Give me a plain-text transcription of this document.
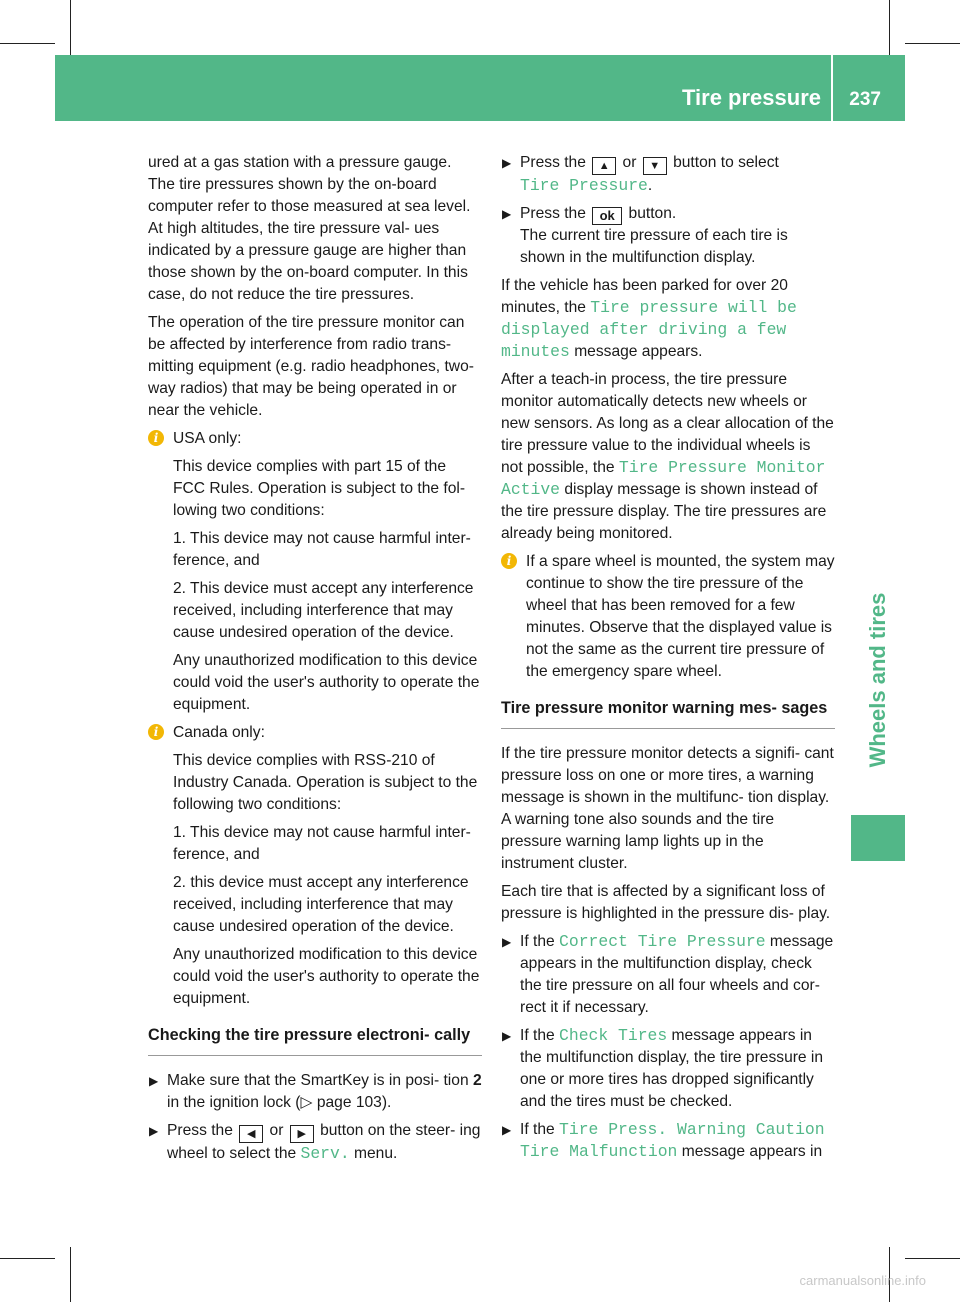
Tire pressure 237
Wheels and tires

ured at a gas station with a pressure gauge. The tire pressures shown by the on-board computer refer to those measured at sea level. At high altitudes, the tire pressure val- ues indicated by a pressure gauge are higher than those shown by the on-board computer. In this case, do not reduce the tire pressures.

The operation of the tire pressure monitor can be affected by interference from radio trans- mitting equipment (e.g. radio headphones, two-way radios) that may be being operated in or near the vehicle.

i USA only:

This device complies with part 15 of the FCC Rules. Operation is subject to the fol- lowing two conditions:

1. This device may not cause harmful inter- ference, and

2. This device must accept any interference received, including interference that may cause undesired operation of the device.

Any unauthorized modification to this device could void the user's authority to operate the equipment.

i Canada only:

This device complies with RSS-210 of Industry Canada. Operation is subject to the following two conditions:

1. This device may not cause harmful inter- ference, and

2. this device must accept any interference received, including interference that may cause undesired operation of the device.

Any unauthorized modification to this device could void the user's authority to operate the equipment.

Checking the tire pressure electroni- cally
▶ Make sure that the SmartKey is in posi- tion 2 in the ignition lock (▷ page 103).
▶ Press the ◀ or ▶ button on the steer- ing wheel to select the Serv. menu.
▶ Press the ▲ or ▼ button to select
Tire Pressure.
▶ Press the ok button.
The current tire pressure of each tire is shown in the multifunction display.

If the vehicle has been parked for over 20 minutes, the Tire pressure will be displayed after driving a few minutes message appears.

After a teach-in process, the tire pressure monitor automatically detects new wheels or new sensors. As long as a clear allocation of the tire pressure value to the individual wheels is not possible, the Tire Pressure Monitor Active display message is shown instead of the tire pressure display. The tire pressures are already being monitored.

i If a spare wheel is mounted, the system may continue to show the tire pressure of the wheel that has been removed for a few minutes. Observe that the displayed value is not the same as the current tire pressure of the emergency spare wheel.

Tire pressure monitor warning mes- sages

If the tire pressure monitor detects a signifi- cant pressure loss on one or more tires, a warning message is shown in the multifunc- tion display. A warning tone also sounds and the tire pressure warning lamp lights up in the instrument cluster.

Each tire that is affected by a significant loss of pressure is highlighted in the pressure dis- play.

▶ If the Correct Tire Pressure message appears in the multifunction display, check the tire pressure on all four wheels and cor- rect it if necessary.
▶ If the Check Tires message appears in the multifunction display, the tire pressure in one or more tires has dropped significantly and the tires must be checked.
▶ If the Tire Press. Warning Caution Tire Malfunction message appears in
carmanualsonline.info
